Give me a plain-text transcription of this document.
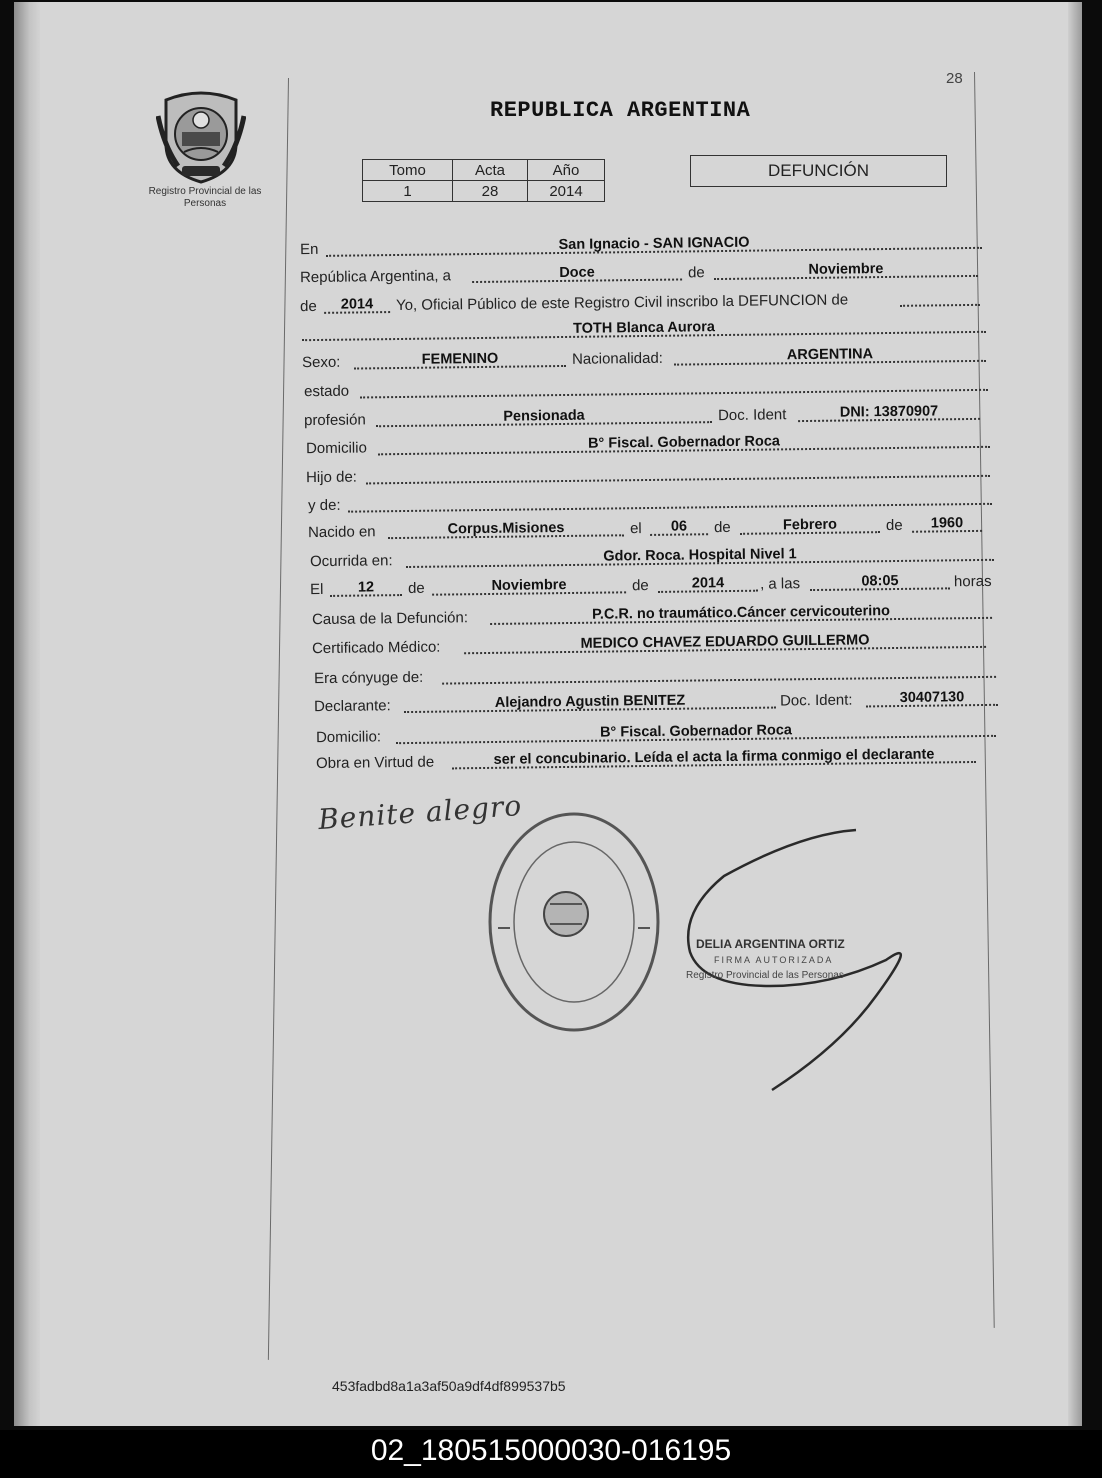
28
Registro Provincial de las Personas
REPUBLICA ARGENTINA
Tomo	Acta	Año
1	28	2014
DEFUNCIÓN
En	San Ignacio - SAN IGNACIO
República Argentina, a	Doce	de	Noviembre
de	2014	Yo, Oficial Público de este Registro Civil inscribo la DEFUNCION de
TOTH Blanca Aurora
Sexo:	FEMENINO	Nacionalidad:	ARGENTINA
estado
profesión	Pensionada	Doc. Ident	DNI: 13870907
Domicilio	B° Fiscal. Gobernador Roca
Hijo de:
y de:
Nacido en	Corpus.Misiones	el	06	de	Febrero	de	1960
Ocurrida en:	Gdor. Roca. Hospital Nivel 1
El	12	de	Noviembre	de	2014	, a las	08:05	horas
Causa de la Defunción:	P.C.R. no traumático.Cáncer cervicouterino
Certificado Médico:	MEDICO CHAVEZ EDUARDO GUILLERMO
Era cónyuge de:
Declarante:	Alejandro Agustin BENITEZ	Doc. Ident:	30407130
Domicilio:	B° Fiscal. Gobernador Roca
Obra en Virtud de	ser el concubinario. Leída el acta la firma conmigo el declarante
Benite alegro
DELIA ARGENTINA ORTIZ
FIRMA AUTORIZADA
Registro Provincial de las Personas
453fadbd8a1a3af50a9df4df899537b5
02_180515000030-016195
